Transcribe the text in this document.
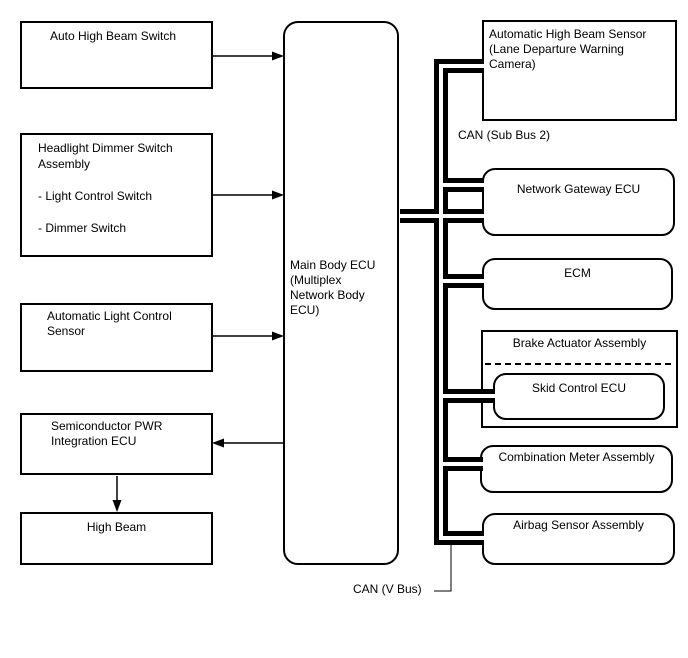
Auto High Beam Switch
Headlight Dimmer Switch
Assembly

- Light Control Switch

- Dimmer Switch
Automatic Light Control Sensor
Semiconductor PWR Integration ECU
High Beam
Main Body ECU
(Multiplex
Network Body
ECU)
Automatic High Beam Sensor
(Lane Departure Warning
Camera)
Network Gateway ECU
ECM
Brake Actuator Assembly
Skid Control ECU
Combination Meter Assembly
Airbag Sensor Assembly
CAN (Sub Bus 2)
CAN (V Bus)
